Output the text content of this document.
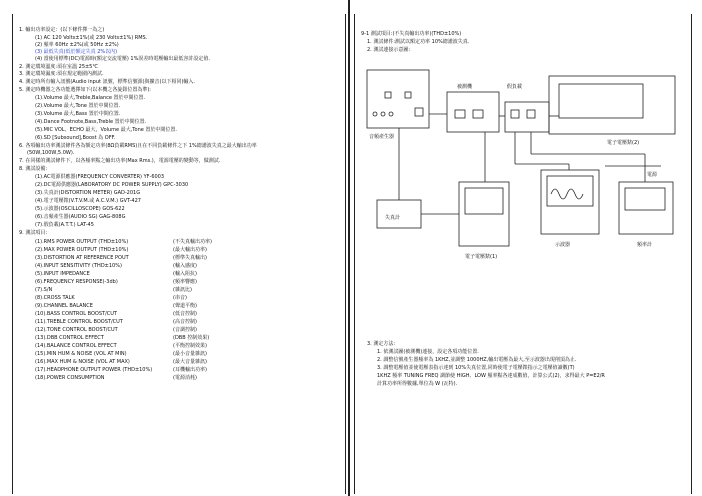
1. 輸出功率設定：(以下條件擇一為之)
(1) AC 120 Volts±1%(或 230 Volts±1%) RMS.
(2) 頻率 60Hz ±2%(或 50Hz ±2%)
(3) 最低失真(低於額定失真 2%以內)
(4) 當使用標準(DC)電源時(額定交流電壓) 1%誤差時電壓輸出最低容許設定值.
2. 測定環境溫度:須在室溫 25±5℃
3. 測定環境濕度:須在規定範圍內測試.
4. 測定時所有輸入訊號(Audio input 訊號，標準信號源)與擴音(以下相同)輸入.
5. 測定時機器之各功能選擇如下(以本機之各旋鈕位置為準):
(1).Volume 最大,Treble,Balance 置於中間位置.
(2).Volume 最大,Tone 置於中間位置.
(3).Volume 最大,Bass 置於中間位置.
(4).Dance Footnote,Bass,Treble 置於中間位置.
(5).MIC VOL、ECHO 最大，Volume 最大,Tone 置於中間位置.
(6).SD [Subsound],Boost 為 OFF.
6. 各項輸出功率測試條件各為額定功率(8Ω負載RMS)且在不同負載條件之下 1%總諧波失真之最大輸出功率
(50W,100W,5.0W).
7. 在同樣的測試條件下，以各頻率點之輸出功率(Max Rms.)，電源電壓的變動等，做測試.
8. 測試設備:
(1).AC電源供應器(FREQUENCY CONVERTER) YF-6003
(2).DC電源供應器(LABORATORY DC POWER SUPPLY) GPC-3030
(3).失真計(DISTORTION METER) GAD-201G
(4).電子電壓錶(V.T.V.M.或 A.C.V.M.) GVT-427
(5).示波器(OSCILLOSCOPE) GOS-622
(6).音頻產生器(AUDIO SG) GAG-808G
(7).假負載(A.T.T.) LAT-45
9. 測試項目:
(1).RMS POWER OUTPUT (THD±10%)
(2).MAX POWER OUTPUT (THD±10%)
(3).DISTORTION AT REFERENCE POUT
(4).INPUT SENSITIVITY (THD±10%)
(5).INPUT IMPEDANCE
(6).FREQUENCY RESPONSE(-3db)
(7).S/N
(8).CROSS TALK
(9).CHANNEL BALANCE
(10).BASS CONTROL BOOST/CUT
(11).TREBLE CONTROL BOOST/CUT
(12).TONE CONTROL BOOST/CUT
(13).DBB CONTROL EFFECT
(14).BALANCE CONTROL EFFECT
(15).MIN HUM & NOISE (VOL AT MIN)
(16).MAX HUM & NOISE (VOL AT MAX)
(17).HEADPHONE OUTPUT POWER (THD±10%)
(18).POWER CONSUMPTION
(不失真輸出功率)
(最大輸出功率)
(標準失真輸出)
(輸入感度)
(輸入阻抗)
(頻率響應)
(雜訊比)
(串音)
(聲道平衡)
(低音控制)
(高音控制)
(音調控制)
(DBB 控制效果)
(平衡控制效果)
(最小音量雜訊)
(最大音量雜訊)
(耳機輸出功率)
(電源消耗)
9-1 測試項目:(不失真輸出功率)(THD±10%)
1. 測試條件:測試以額定功率 10%總諧波失真.
2. 測試連接示意圖:
音頻產生器
被測機	假負載
電子電壓錶(2)
失真計
電子電壓錶(1)
示波器	頻率計
電源
3. 測定方法:
1. 依測試圖(被測機)連接，設定各項功能位置.
2. 調整信號產生器頻率為 1KHZ,並調整 1000HZ,輸出電壓為最大,至示波器出現削頂為止.
3. 調整電壓值並使電壓表指示達到 10%失真位置,同時使電子電壓錶指示之電壓值讀數(T)
1KHZ 頻率 TUNING FREQ 調節使 HIGH、LOW 頻率點各達成數值，計算公式(2)，求得最大 P=E2/R
計算功率所得數據,單位為 W (瓦特).
